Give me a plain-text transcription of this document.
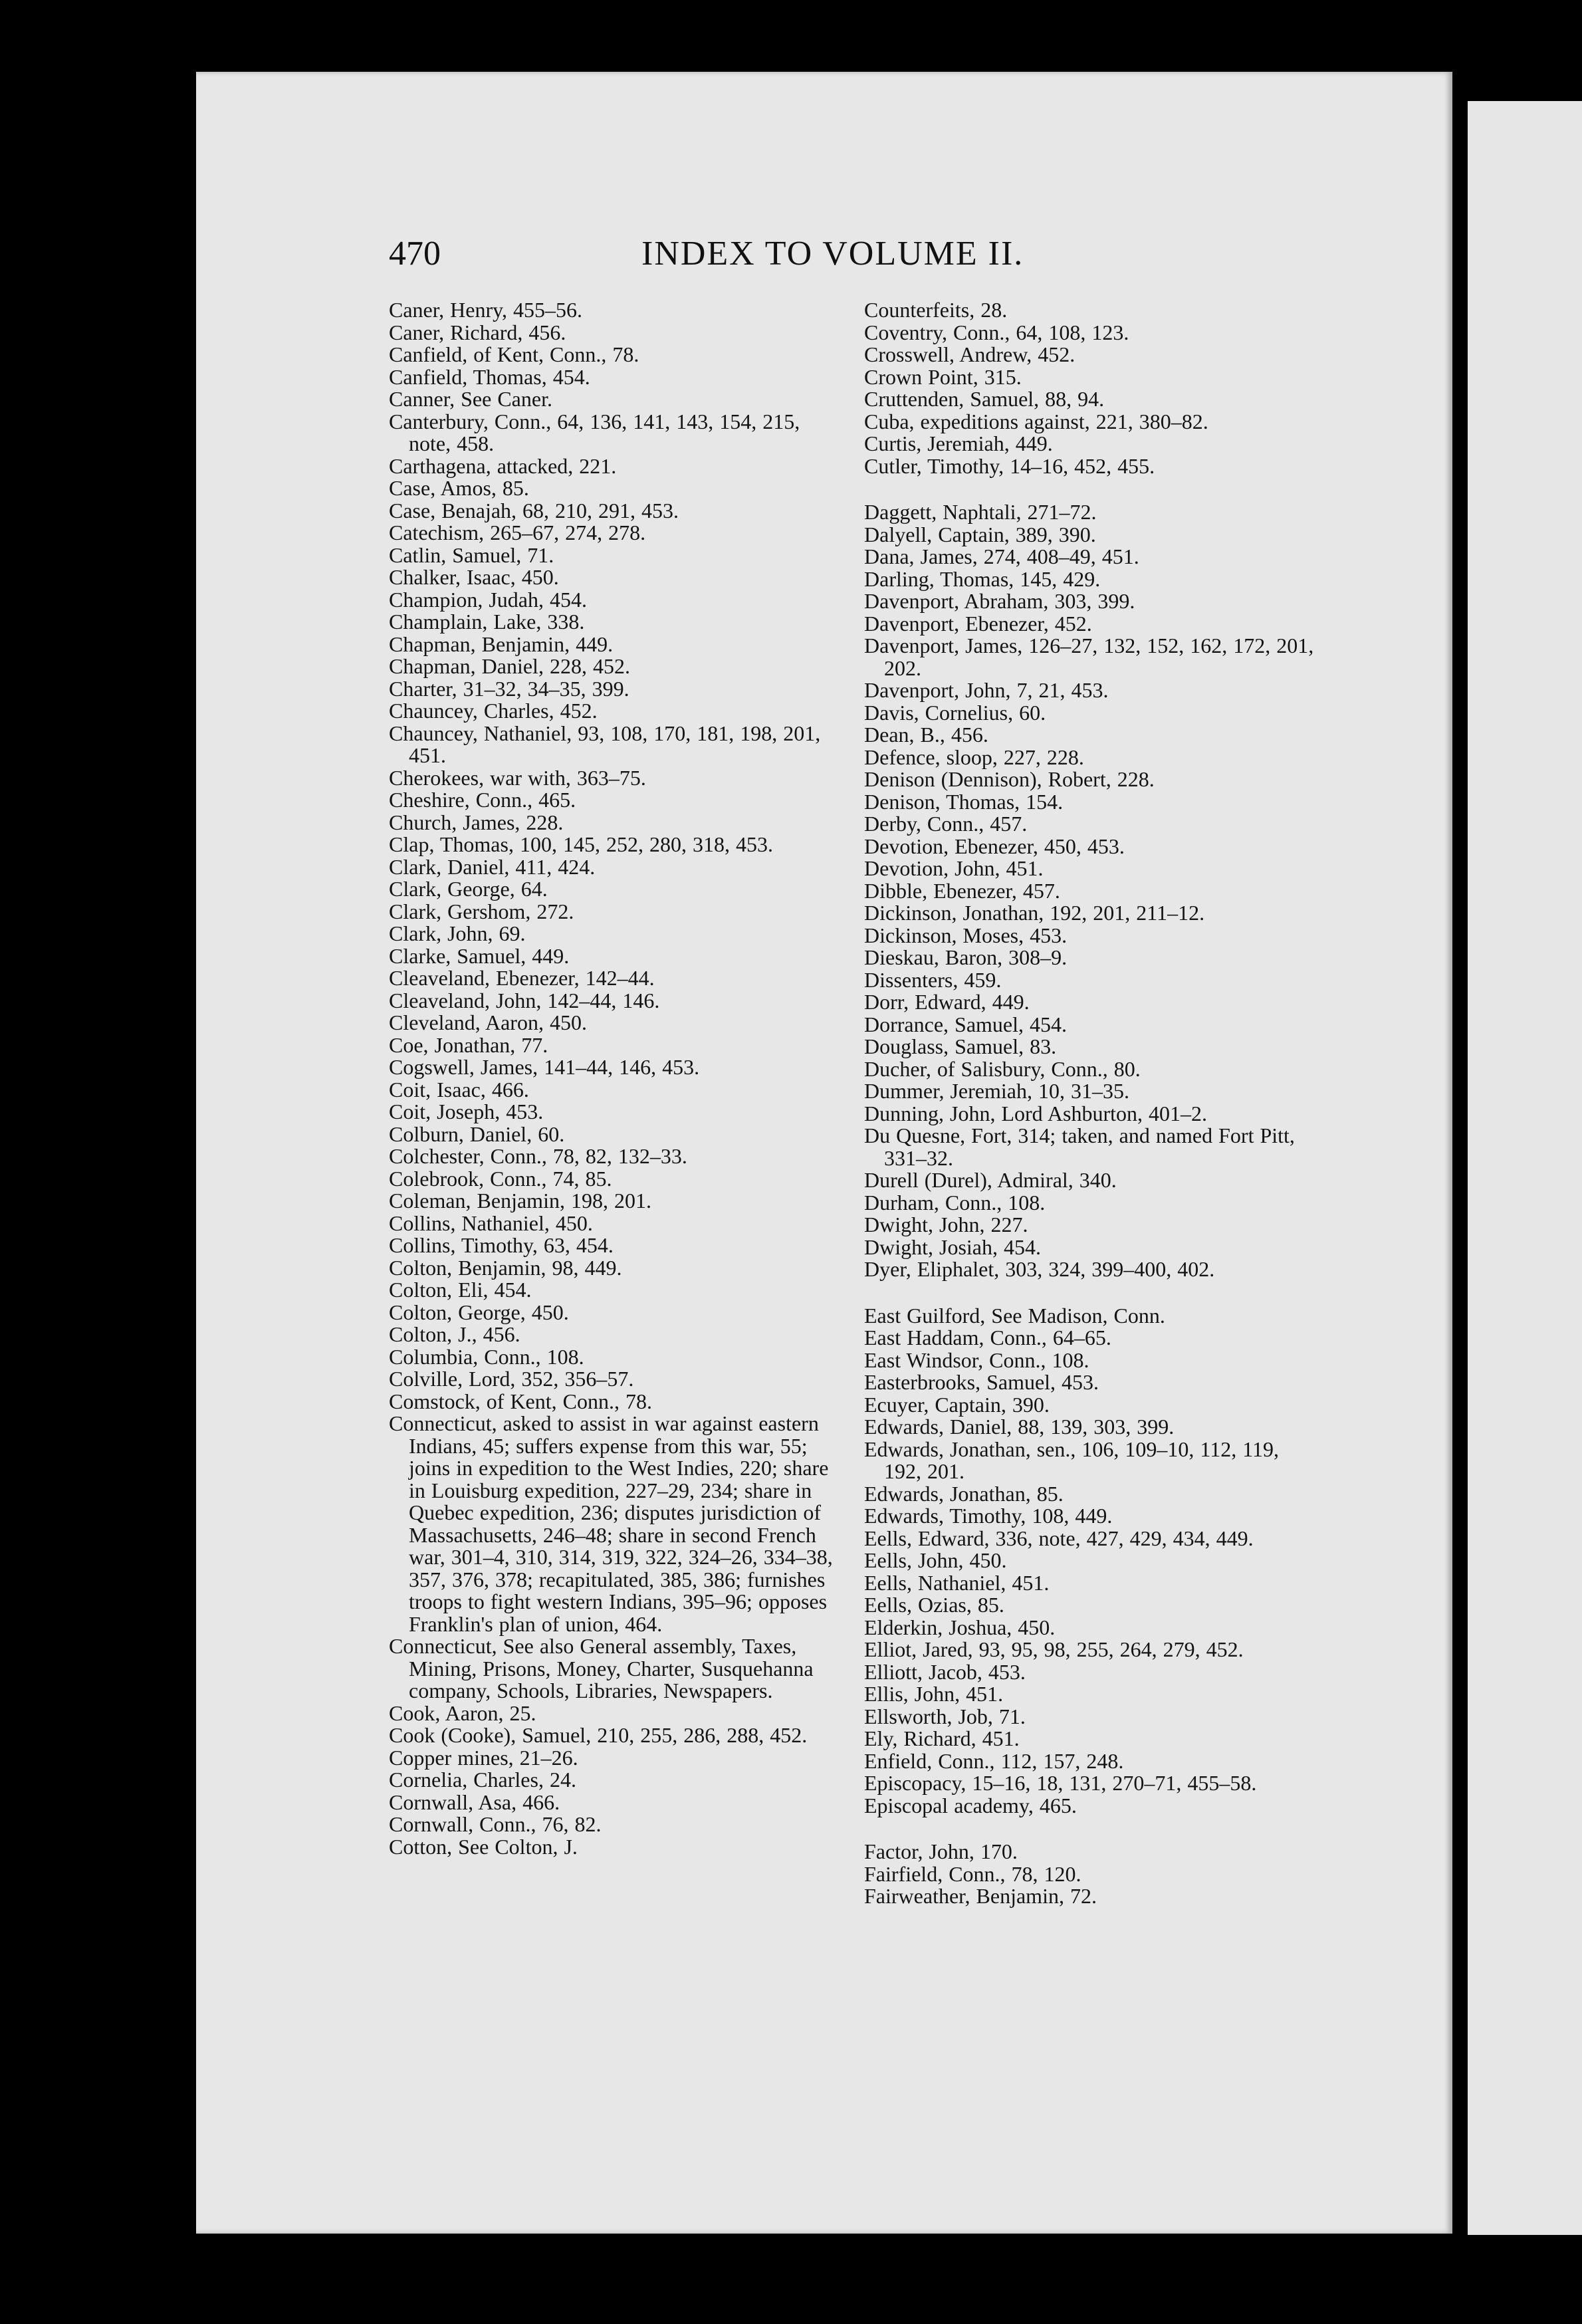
470	INDEX TO VOLUME II.
Caner, Henry, 455–56.
Caner, Richard, 456.
Canfield, of Kent, Conn., 78.
Canfield, Thomas, 454.
Canner, See Caner.
Canterbury, Conn., 64, 136, 141, 143, 154, 215, note, 458.
Carthagena, attacked, 221.
Case, Amos, 85.
Case, Benajah, 68, 210, 291, 453.
Catechism, 265–67, 274, 278.
Catlin, Samuel, 71.
Chalker, Isaac, 450.
Champion, Judah, 454.
Champlain, Lake, 338.
Chapman, Benjamin, 449.
Chapman, Daniel, 228, 452.
Charter, 31–32, 34–35, 399.
Chauncey, Charles, 452.
Chauncey, Nathaniel, 93, 108, 170, 181, 198, 201, 451.
Cherokees, war with, 363–75.
Cheshire, Conn., 465.
Church, James, 228.
Clap, Thomas, 100, 145, 252, 280, 318, 453.
Clark, Daniel, 411, 424.
Clark, George, 64.
Clark, Gershom, 272.
Clark, John, 69.
Clarke, Samuel, 449.
Cleaveland, Ebenezer, 142–44.
Cleaveland, John, 142–44, 146.
Cleveland, Aaron, 450.
Coe, Jonathan, 77.
Cogswell, James, 141–44, 146, 453.
Coit, Isaac, 466.
Coit, Joseph, 453.
Colburn, Daniel, 60.
Colchester, Conn., 78, 82, 132–33.
Colebrook, Conn., 74, 85.
Coleman, Benjamin, 198, 201.
Collins, Nathaniel, 450.
Collins, Timothy, 63, 454.
Colton, Benjamin, 98, 449.
Colton, Eli, 454.
Colton, George, 450.
Colton, J., 456.
Columbia, Conn., 108.
Colville, Lord, 352, 356–57.
Comstock, of Kent, Conn., 78.
Connecticut, asked to assist in war against eastern Indians, 45; suffers expense from this war, 55; joins in expedition to the West Indies, 220; share in Louisburg expedition, 227–29, 234; share in Quebec expedition, 236; disputes jurisdiction of Massachusetts, 246–48; share in second French war, 301–4, 310, 314, 319, 322, 324–26, 334–38, 357, 376, 378; recapitulated, 385, 386; furnishes troops to fight western Indians, 395–96; opposes Franklin's plan of union, 464.
Connecticut, See also General assembly, Taxes, Mining, Prisons, Money, Charter, Susquehanna company, Schools, Libraries, Newspapers.
Cook, Aaron, 25.
Cook (Cooke), Samuel, 210, 255, 286, 288, 452.
Copper mines, 21–26.
Cornelia, Charles, 24.
Cornwall, Asa, 466.
Cornwall, Conn., 76, 82.
Cotton, See Colton, J.
Counterfeits, 28.
Coventry, Conn., 64, 108, 123.
Crosswell, Andrew, 452.
Crown Point, 315.
Cruttenden, Samuel, 88, 94.
Cuba, expeditions against, 221, 380–82.
Curtis, Jeremiah, 449.
Cutler, Timothy, 14–16, 452, 455.
Daggett, Naphtali, 271–72.
Dalyell, Captain, 389, 390.
Dana, James, 274, 408–49, 451.
Darling, Thomas, 145, 429.
Davenport, Abraham, 303, 399.
Davenport, Ebenezer, 452.
Davenport, James, 126–27, 132, 152, 162, 172, 201, 202.
Davenport, John, 7, 21, 453.
Davis, Cornelius, 60.
Dean, B., 456.
Defence, sloop, 227, 228.
Denison (Dennison), Robert, 228.
Denison, Thomas, 154.
Derby, Conn., 457.
Devotion, Ebenezer, 450, 453.
Devotion, John, 451.
Dibble, Ebenezer, 457.
Dickinson, Jonathan, 192, 201, 211–12.
Dickinson, Moses, 453.
Dieskau, Baron, 308–9.
Dissenters, 459.
Dorr, Edward, 449.
Dorrance, Samuel, 454.
Douglass, Samuel, 83.
Ducher, of Salisbury, Conn., 80.
Dummer, Jeremiah, 10, 31–35.
Dunning, John, Lord Ashburton, 401–2.
Du Quesne, Fort, 314; taken, and named Fort Pitt, 331–32.
Durell (Durel), Admiral, 340.
Durham, Conn., 108.
Dwight, John, 227.
Dwight, Josiah, 454.
Dyer, Eliphalet, 303, 324, 399–400, 402.
East Guilford, See Madison, Conn.
East Haddam, Conn., 64–65.
East Windsor, Conn., 108.
Easterbrooks, Samuel, 453.
Ecuyer, Captain, 390.
Edwards, Daniel, 88, 139, 303, 399.
Edwards, Jonathan, sen., 106, 109–10, 112, 119, 192, 201.
Edwards, Jonathan, 85.
Edwards, Timothy, 108, 449.
Eells, Edward, 336, note, 427, 429, 434, 449.
Eells, John, 450.
Eells, Nathaniel, 451.
Eells, Ozias, 85.
Elderkin, Joshua, 450.
Elliot, Jared, 93, 95, 98, 255, 264, 279, 452.
Elliott, Jacob, 453.
Ellis, John, 451.
Ellsworth, Job, 71.
Ely, Richard, 451.
Enfield, Conn., 112, 157, 248.
Episcopacy, 15–16, 18, 131, 270–71, 455–58.
Episcopal academy, 465.
Factor, John, 170.
Fairfield, Conn., 78, 120.
Fairweather, Benjamin, 72.
